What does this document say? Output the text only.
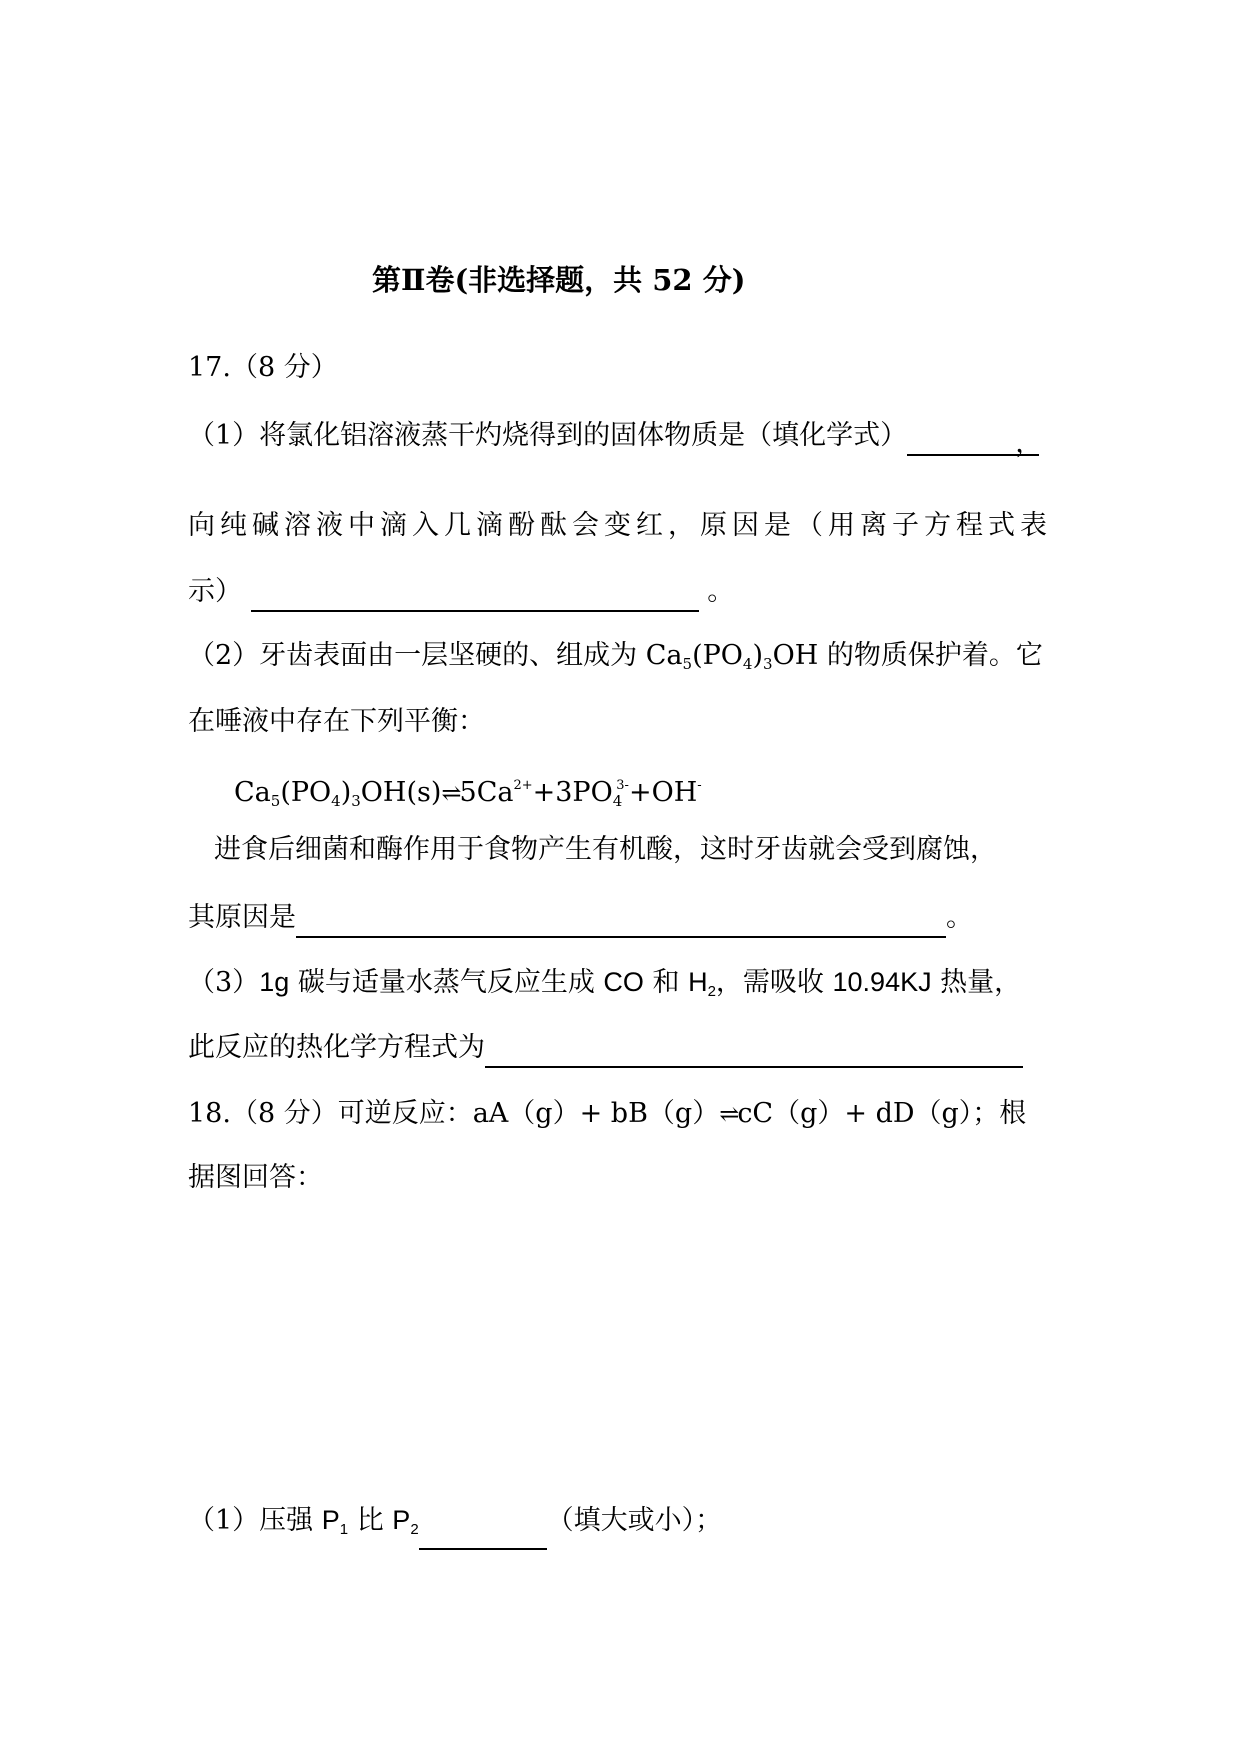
第Ⅱ卷(非选择题，共 52 分)
17.（8 分）
（1）将氯化铝溶液蒸干灼烧得到的固体物质是（填化学式）	，
向纯碱溶液中滴入几滴酚酞会变红，原因是（用离子方程式表
示）	。
（2）牙齿表面由一层坚硬的、组成为 $Ca_5(PO_4)_3OH$ 的物质保护着。它
在唾液中存在下列平衡：
$Ca_5(PO_4)_3OH(s)\rightleftharpoons 5Ca^{2+}+3PO_4^{3-}+OH^-$
进食后细菌和酶作用于食物产生有机酸，这时牙齿就会受到腐蚀，
其原因是	。
（3）1g 碳与适量水蒸气反应生成 CO 和 $H_2$，需吸收 10.94KJ 热量，
此反应的热化学方程式为
18.（8 分）可逆反应：aA（g）+ bB（g）⇌cC（g）+ dD（g）；根
据图回答：
（1）压强 $P_1$ 比 $P_2$	（填大或小）；
